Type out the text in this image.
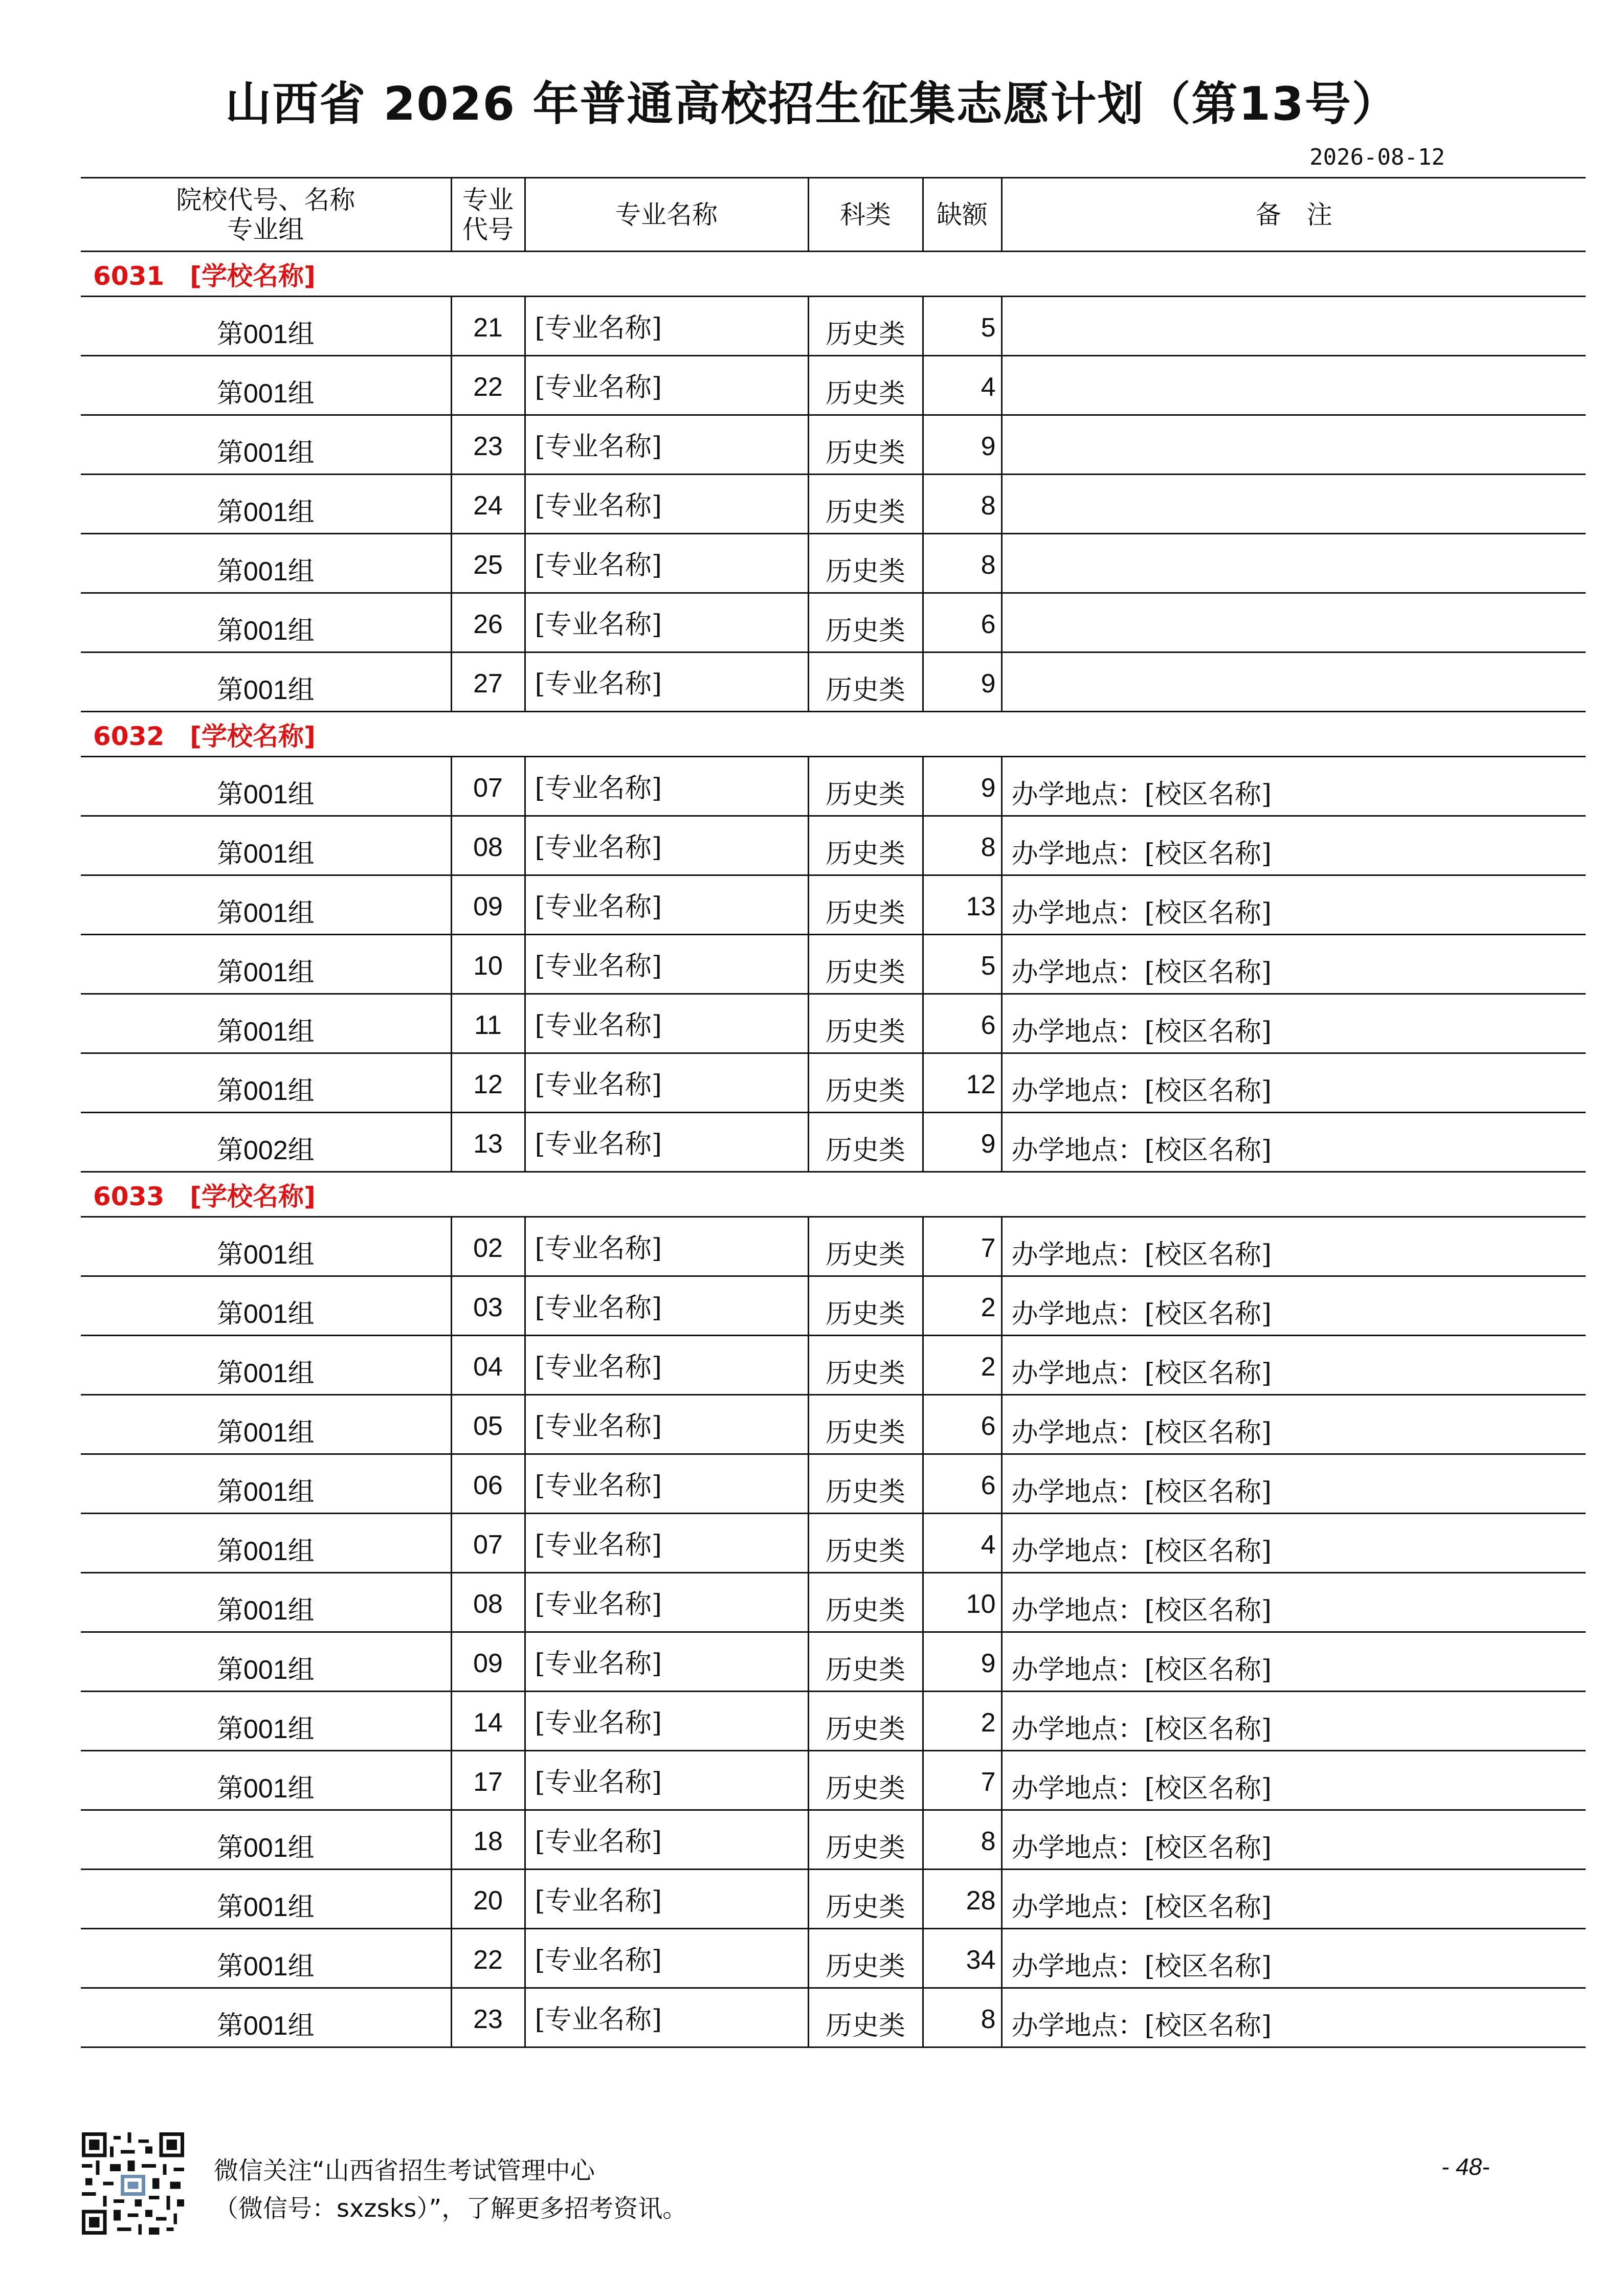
山西省 2026 年普通高校招生征集志愿计划（第13号）
2026-08-12
院校代号、名称
专业组	专业
代号	专业名称	科类	缺额	备　注
6031　[学校名称]					
第001组	21	[专业名称]	历史类	5	
第001组	22	[专业名称]	历史类	4	
第001组	23	[专业名称]	历史类	9	
第001组	24	[专业名称]	历史类	8	
第001组	25	[专业名称]	历史类	8	
第001组	26	[专业名称]	历史类	6	
第001组	27	[专业名称]	历史类	9	
6032　[学校名称]					
第001组	07	[专业名称]	历史类	9	办学地点：[校区名称]
第001组	08	[专业名称]	历史类	8	办学地点：[校区名称]
第001组	09	[专业名称]	历史类	13	办学地点：[校区名称]
第001组	10	[专业名称]	历史类	5	办学地点：[校区名称]
第001组	11	[专业名称]	历史类	6	办学地点：[校区名称]
第001组	12	[专业名称]	历史类	12	办学地点：[校区名称]
第002组	13	[专业名称]	历史类	9	办学地点：[校区名称]
6033　[学校名称]					
第001组	02	[专业名称]	历史类	7	办学地点：[校区名称]
第001组	03	[专业名称]	历史类	2	办学地点：[校区名称]
第001组	04	[专业名称]	历史类	2	办学地点：[校区名称]
第001组	05	[专业名称]	历史类	6	办学地点：[校区名称]
第001组	06	[专业名称]	历史类	6	办学地点：[校区名称]
第001组	07	[专业名称]	历史类	4	办学地点：[校区名称]
第001组	08	[专业名称]	历史类	10	办学地点：[校区名称]
第001组	09	[专业名称]	历史类	9	办学地点：[校区名称]
第001组	14	[专业名称]	历史类	2	办学地点：[校区名称]
第001组	17	[专业名称]	历史类	7	办学地点：[校区名称]
第001组	18	[专业名称]	历史类	8	办学地点：[校区名称]
第001组	20	[专业名称]	历史类	28	办学地点：[校区名称]
第001组	22	[专业名称]	历史类	34	办学地点：[校区名称]
第001组	23	[专业名称]	历史类	8	办学地点：[校区名称]
微信关注“山西省招生考试管理中心
（微信号：sxzsks）”，了解更多招考资讯。
- 48-
